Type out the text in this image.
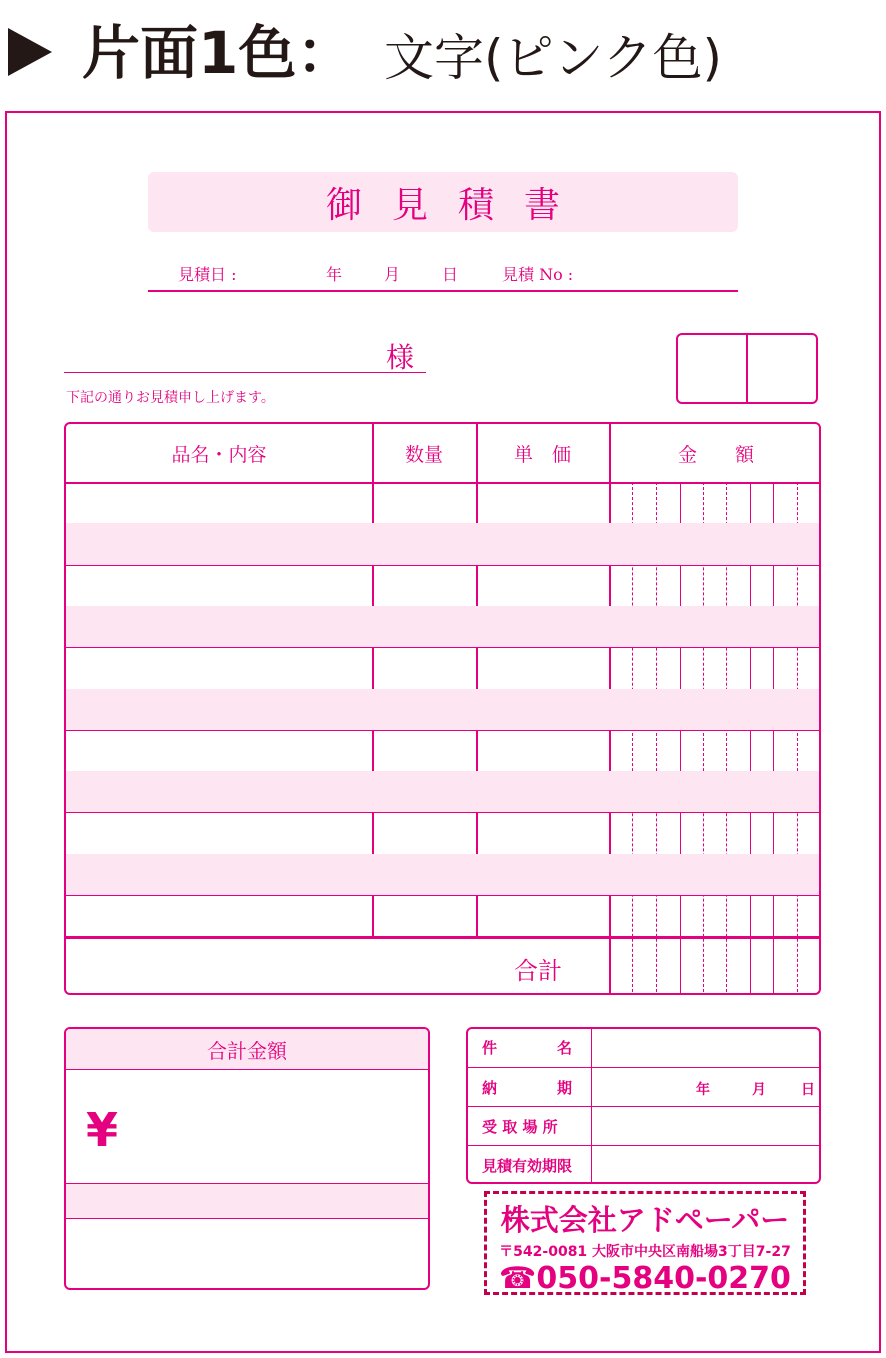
片面1色： 文字(ピンク色)
御見積書
見積日 :	年	月	日	見積 No :
様
下記の通りお見積申し上げます。
品名・内容	数量	単　価	金　　額
合計
合計金額
¥
件　　　　名
納　　　　期	年	月	日
受 取 場 所
見積有効期限
株式会社アドペーパー
〒542-0081 大阪市中央区南船場3丁目7-27
☎050-5840-0270
